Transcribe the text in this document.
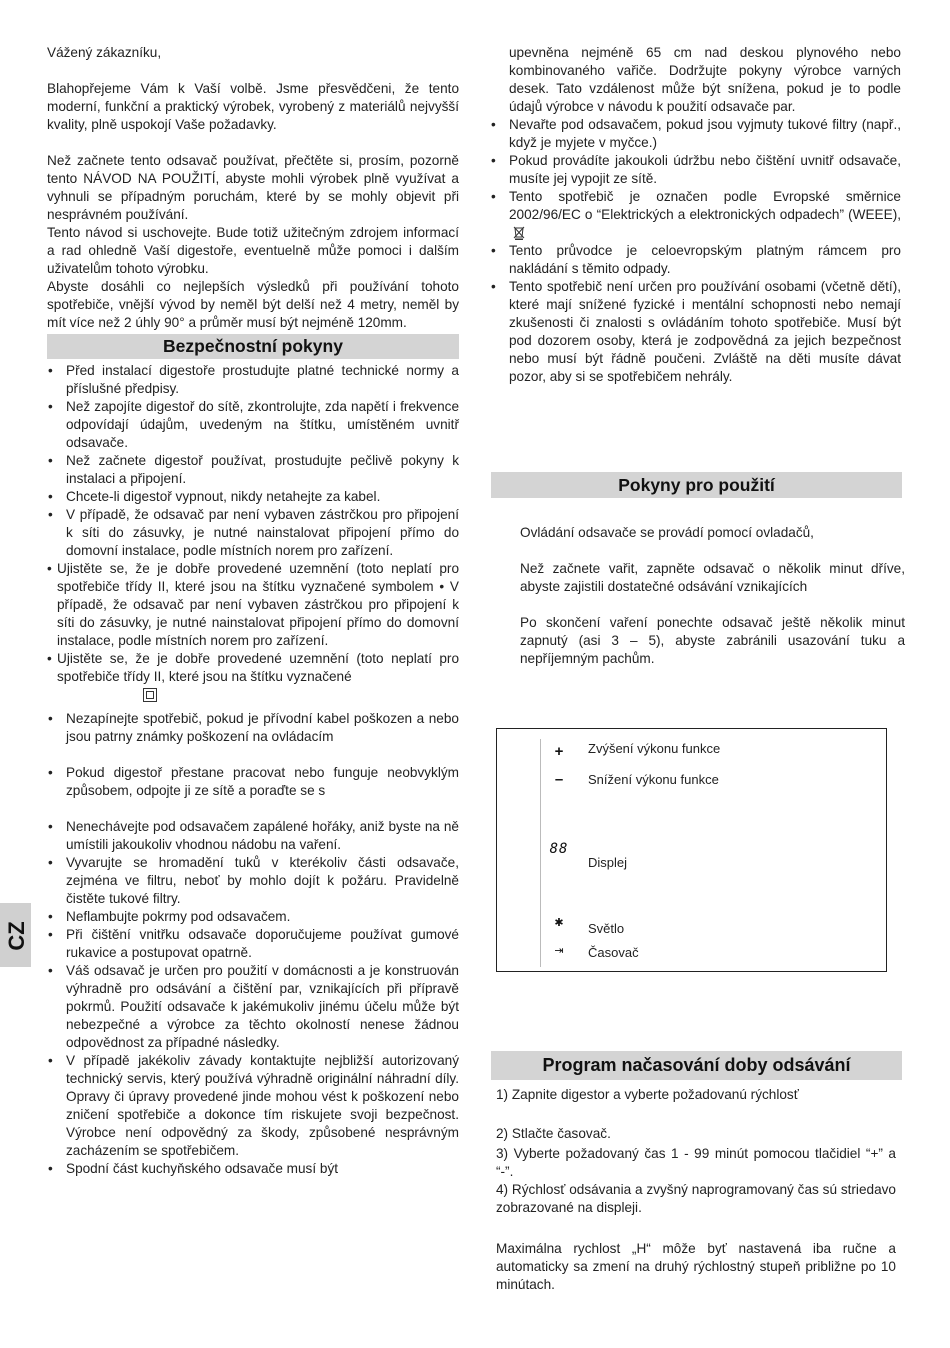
Vážený zákazníku,

Blahopřejeme Vám k Vaší volbě. Jsme přesvědčeni, že tento moderní, funkční a praktický výrobek, vyrobený z materiálů nejvyšší kvality, plně uspokojí Vaše požadavky.

Než začnete tento odsavač používat, přečtěte si, prosím, pozorně tento NÁVOD NA POUŽITÍ, abyste mohli výrobek plně využívat a vyhnuli se případným poruchám, které by se mohly objevit při nesprávném používání.

Tento návod si uschovejte. Bude totiž užitečným zdrojem informací a rad ohledně Vaší digestoře, eventuelně může pomoci i dalším uživatelům tohoto výrobku.

Abyste dosáhli co nejlepších výsledků při používání tohoto spotřebiče, vnější vývod by neměl být delší než 4 metry, neměl by mít více než 2 úhly 90° a průměr musí být nejméně 120mm.

Bezpečnostní pokyny
• Před instalací digestoře prostudujte platné technické normy a příslušné předpisy.
• Než zapojíte digestoř do sítě, zkontrolujte, zda napětí i frekvence odpovídají údajům, uvedeným na štítku, umístěném uvnitř odsavače.
• Než začnete digestoř používat, prostudujte pečlivě pokyny k instalaci a připojení.
• Chcete-li digestoř vypnout, nikdy netahejte za kabel.
• V případě, že odsavač par není vybaven zástrčkou pro připojení k síti do zásuvky, je nutné nainstalovat připojení přímo do domovní instalace, podle místních norem pro zařízení.
• Ujistěte se, že je dobře provedené uzemnění (toto neplatí pro spotřebiče třídy II, které jsou na štítku vyznačené symbolem • V případě, že odsavač par není vybaven zástrčkou pro připojení k síti do zásuvky, je nutné nainstalovat připojení přímo do domovní instalace, podle místních norem pro zařízení.
• Ujistěte se, že je dobře provedené uzemnění (toto neplatí pro spotřebiče třídy II, které jsou na štítku vyznačené
• Nezapínejte spotřebič, pokud je přívodní kabel poškozen a nebo jsou patrny známky poškození na ovládacím
• Pokud digestoř přestane pracovat nebo funguje neobvyklým způsobem, odpojte ji ze sítě a poraďte se s
• Nenechávejte pod odsavačem zapálené hořáky, aniž byste na ně umístili jakoukoliv vhodnou nádobu na vaření.
• Vyvarujte se hromadění tuků v kterékoliv části odsavače, zejména ve filtru, neboť by mohlo dojít k požáru. Pravidelně čistěte tukové filtry.
• Neflambujte pokrmy pod odsavačem.
• Při čištění vnitřku odsavače doporučujeme používat gumové rukavice a postupovat opatrně.
• Váš odsavač je určen pro použití v domácnosti a je konstruován výhradně pro odsávání a čištění par, vznikajících při přípravě pokrmů. Použití odsavače k jakémukoliv jinému účelu může být nebezpečné a výrobce za těchto okolností nenese žádnou odpovědnost za případné následky.
• V případě jakékoliv závady kontaktujte nejbližší autorizovaný technický servis, který používá výhradně originální náhradní díly. Opravy či úpravy provedené jinde mohou vést k poškození nebo zničení spotřebiče a dokonce tím riskujete svoji bezpečnost. Výrobce není odpovědný za škody, způsobené nesprávným zacházením se spotřebičem.
• Spodní část kuchyňského odsavače musí být

upevněna nejméně 65 cm nad deskou plynového nebo kombinovaného vařiče. Dodržujte pokyny výrobce varných desek. Tato vzdálenost může být snížena, pokud je to podle údajů výrobce v návodu k použití odsavače par.

• Nevařte pod odsavačem, pokud jsou vyjmuty tukové filtry (např., když je myjete v myčce.)
• Pokud provádíte jakoukoli údržbu nebo čištění uvnitř odsavače, musíte jej vypojit ze sítě.
• Tento spotřebič je označen podle Evropské směrnice 2002/96/EC o “Elektrických a elektronických odpadech” (WEEE),
• Tento průvodce je celoevropským platným rámcem pro nakládání s těmito odpady.
• Tento spotřebič není určen pro používání osobami (včetně dětí), které mají snížené fyzické i mentální schopnosti nebo nemají zkušenosti či znalosti s ovládáním tohoto spotřebiče. Musí být pod dozorem osoby, která je zodpovědná za jejich bezpečnost nebo musí být řádně poučeni. Zvláště na děti musíte dávat pozor, aby si se spotřebičem nehrály.
Pokyny pro použití

Ovládání odsavače se provádí pomocí ovladačů,

Než začnete vařit, zapněte odsavač o několik minut dříve, abyste zajistili dostatečné odsávání vznikajících

Po skončení vaření ponechte odsavač ještě několik minut zapnutý (asi 3 – 5), abyste zabránili usazování tuku a nepříjemným pachům.

+	Zvýšení výkonu funkce
–	Snížení výkonu funkce
88
Displej
✱	Světlo
⇥	Časovač
Program načasování doby odsávání

1) Zapnite digestor a vyberte požadovanú rýchlosť

2) Stlačte časovač.

3) Vyberte požadovaný čas 1 - 99 minút pomocou tlačidiel “+” a “-”.

4) Rýchlosť odsávania a zvyšný naprogramovaný čas sú striedavo zobrazované na displeji.

Maximálna rychlost „H“ môže byť nastavená iba ručne a automaticky sa zmení na druhý rýchlostný stupeň približne po 10 minútach.

CZ
